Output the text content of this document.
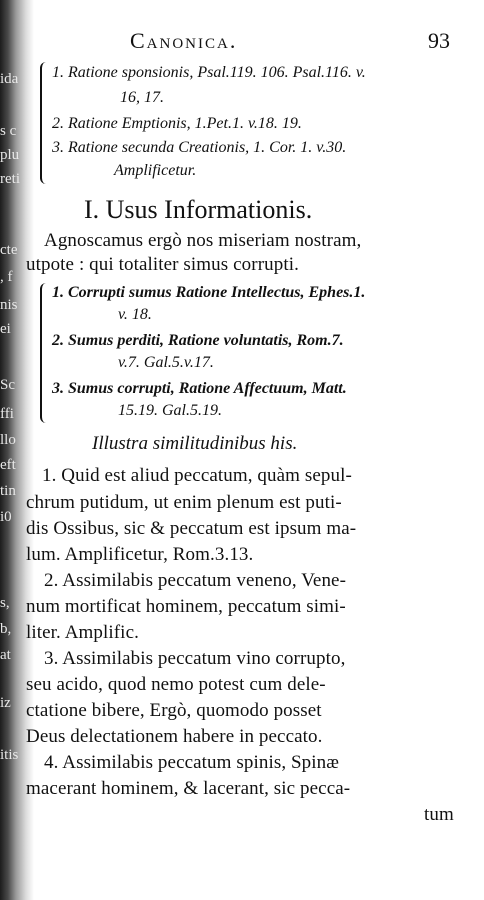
ida
s c
plu
reti
cte
, f
nis
ei
Sc
ffi
llo
eft
tin
i0
s,
b,
at
iz
itis
Canonica.	93
1. Ratione sponsionis, Psal.119. 106. Psal.116. v.
16, 17.
2. Ratione Emptionis, 1.Pet.1. v.18. 19.
3. Ratione secunda Creationis, 1. Cor. 1. v.30.
Amplificetur.
I. Usus Informationis.
Agnoscamus ergò nos miseriam nostram,
utpote : qui totaliter simus corrupti.
1. Corrupti sumus Ratione Intellectus, Ephes.1.
v. 18.
2. Sumus perditi, Ratione voluntatis, Rom.7.
v.7. Gal.5.v.17.
3. Sumus corrupti, Ratione Affectuum, Matt.
15.19. Gal.5.19.
Illustra similitudinibus his.
1. Quid est aliud peccatum, quàm sepul-
chrum putidum, ut enim plenum est puti-
dis Ossibus, sic & peccatum est ipsum ma-
lum. Amplificetur, Rom.3.13.
2. Assimilabis peccatum veneno, Vene-
num mortificat hominem, peccatum simi-
liter. Amplific.
3. Assimilabis peccatum vino corrupto,
seu acido, quod nemo potest cum dele-
ctatione bibere, Ergò, quomodo posset
Deus delectationem habere in peccato.
4. Assimilabis peccatum spinis, Spinæ
macerant hominem, & lacerant, sic pecca-
tum
